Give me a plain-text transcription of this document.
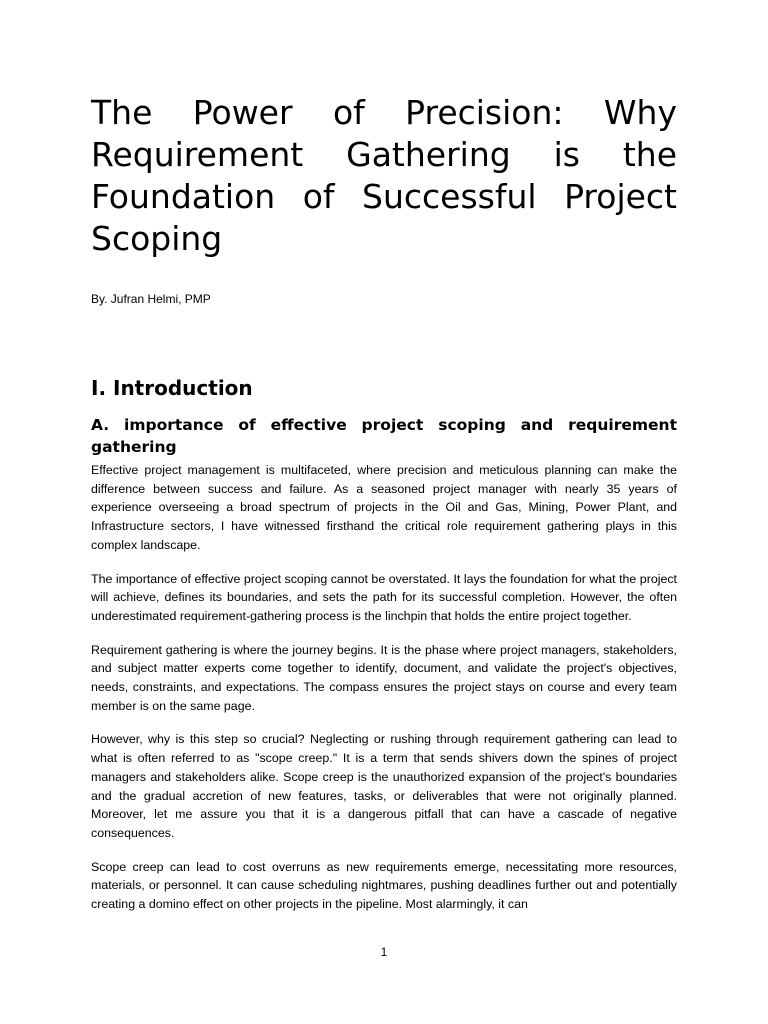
The Power of Precision: Why Requirement Gathering is the Foundation of Successful Project Scoping

By. Jufran Helmi, PMP

I. Introduction
A. importance of effective project scoping and requirement gathering

Effective project management is multifaceted, where precision and meticulous planning can make the difference between success and failure. As a seasoned project manager with nearly 35 years of experience overseeing a broad spectrum of projects in the Oil and Gas, Mining, Power Plant, and Infrastructure sectors, I have witnessed firsthand the critical role requirement gathering plays in this complex landscape.

The importance of effective project scoping cannot be overstated. It lays the foundation for what the project will achieve, defines its boundaries, and sets the path for its successful completion. However, the often underestimated requirement-gathering process is the linchpin that holds the entire project together.

Requirement gathering is where the journey begins. It is the phase where project managers, stakeholders, and subject matter experts come together to identify, document, and validate the project's objectives, needs, constraints, and expectations. The compass ensures the project stays on course and every team member is on the same page.

However, why is this step so crucial? Neglecting or rushing through requirement gathering can lead to what is often referred to as "scope creep." It is a term that sends shivers down the spines of project managers and stakeholders alike. Scope creep is the unauthorized expansion of the project's boundaries and the gradual accretion of new features, tasks, or deliverables that were not originally planned. Moreover, let me assure you that it is a dangerous pitfall that can have a cascade of negative consequences.

Scope creep can lead to cost overruns as new requirements emerge, necessitating more resources, materials, or personnel. It can cause scheduling nightmares, pushing deadlines further out and potentially creating a domino effect on other projects in the pipeline. Most alarmingly, it can

1
